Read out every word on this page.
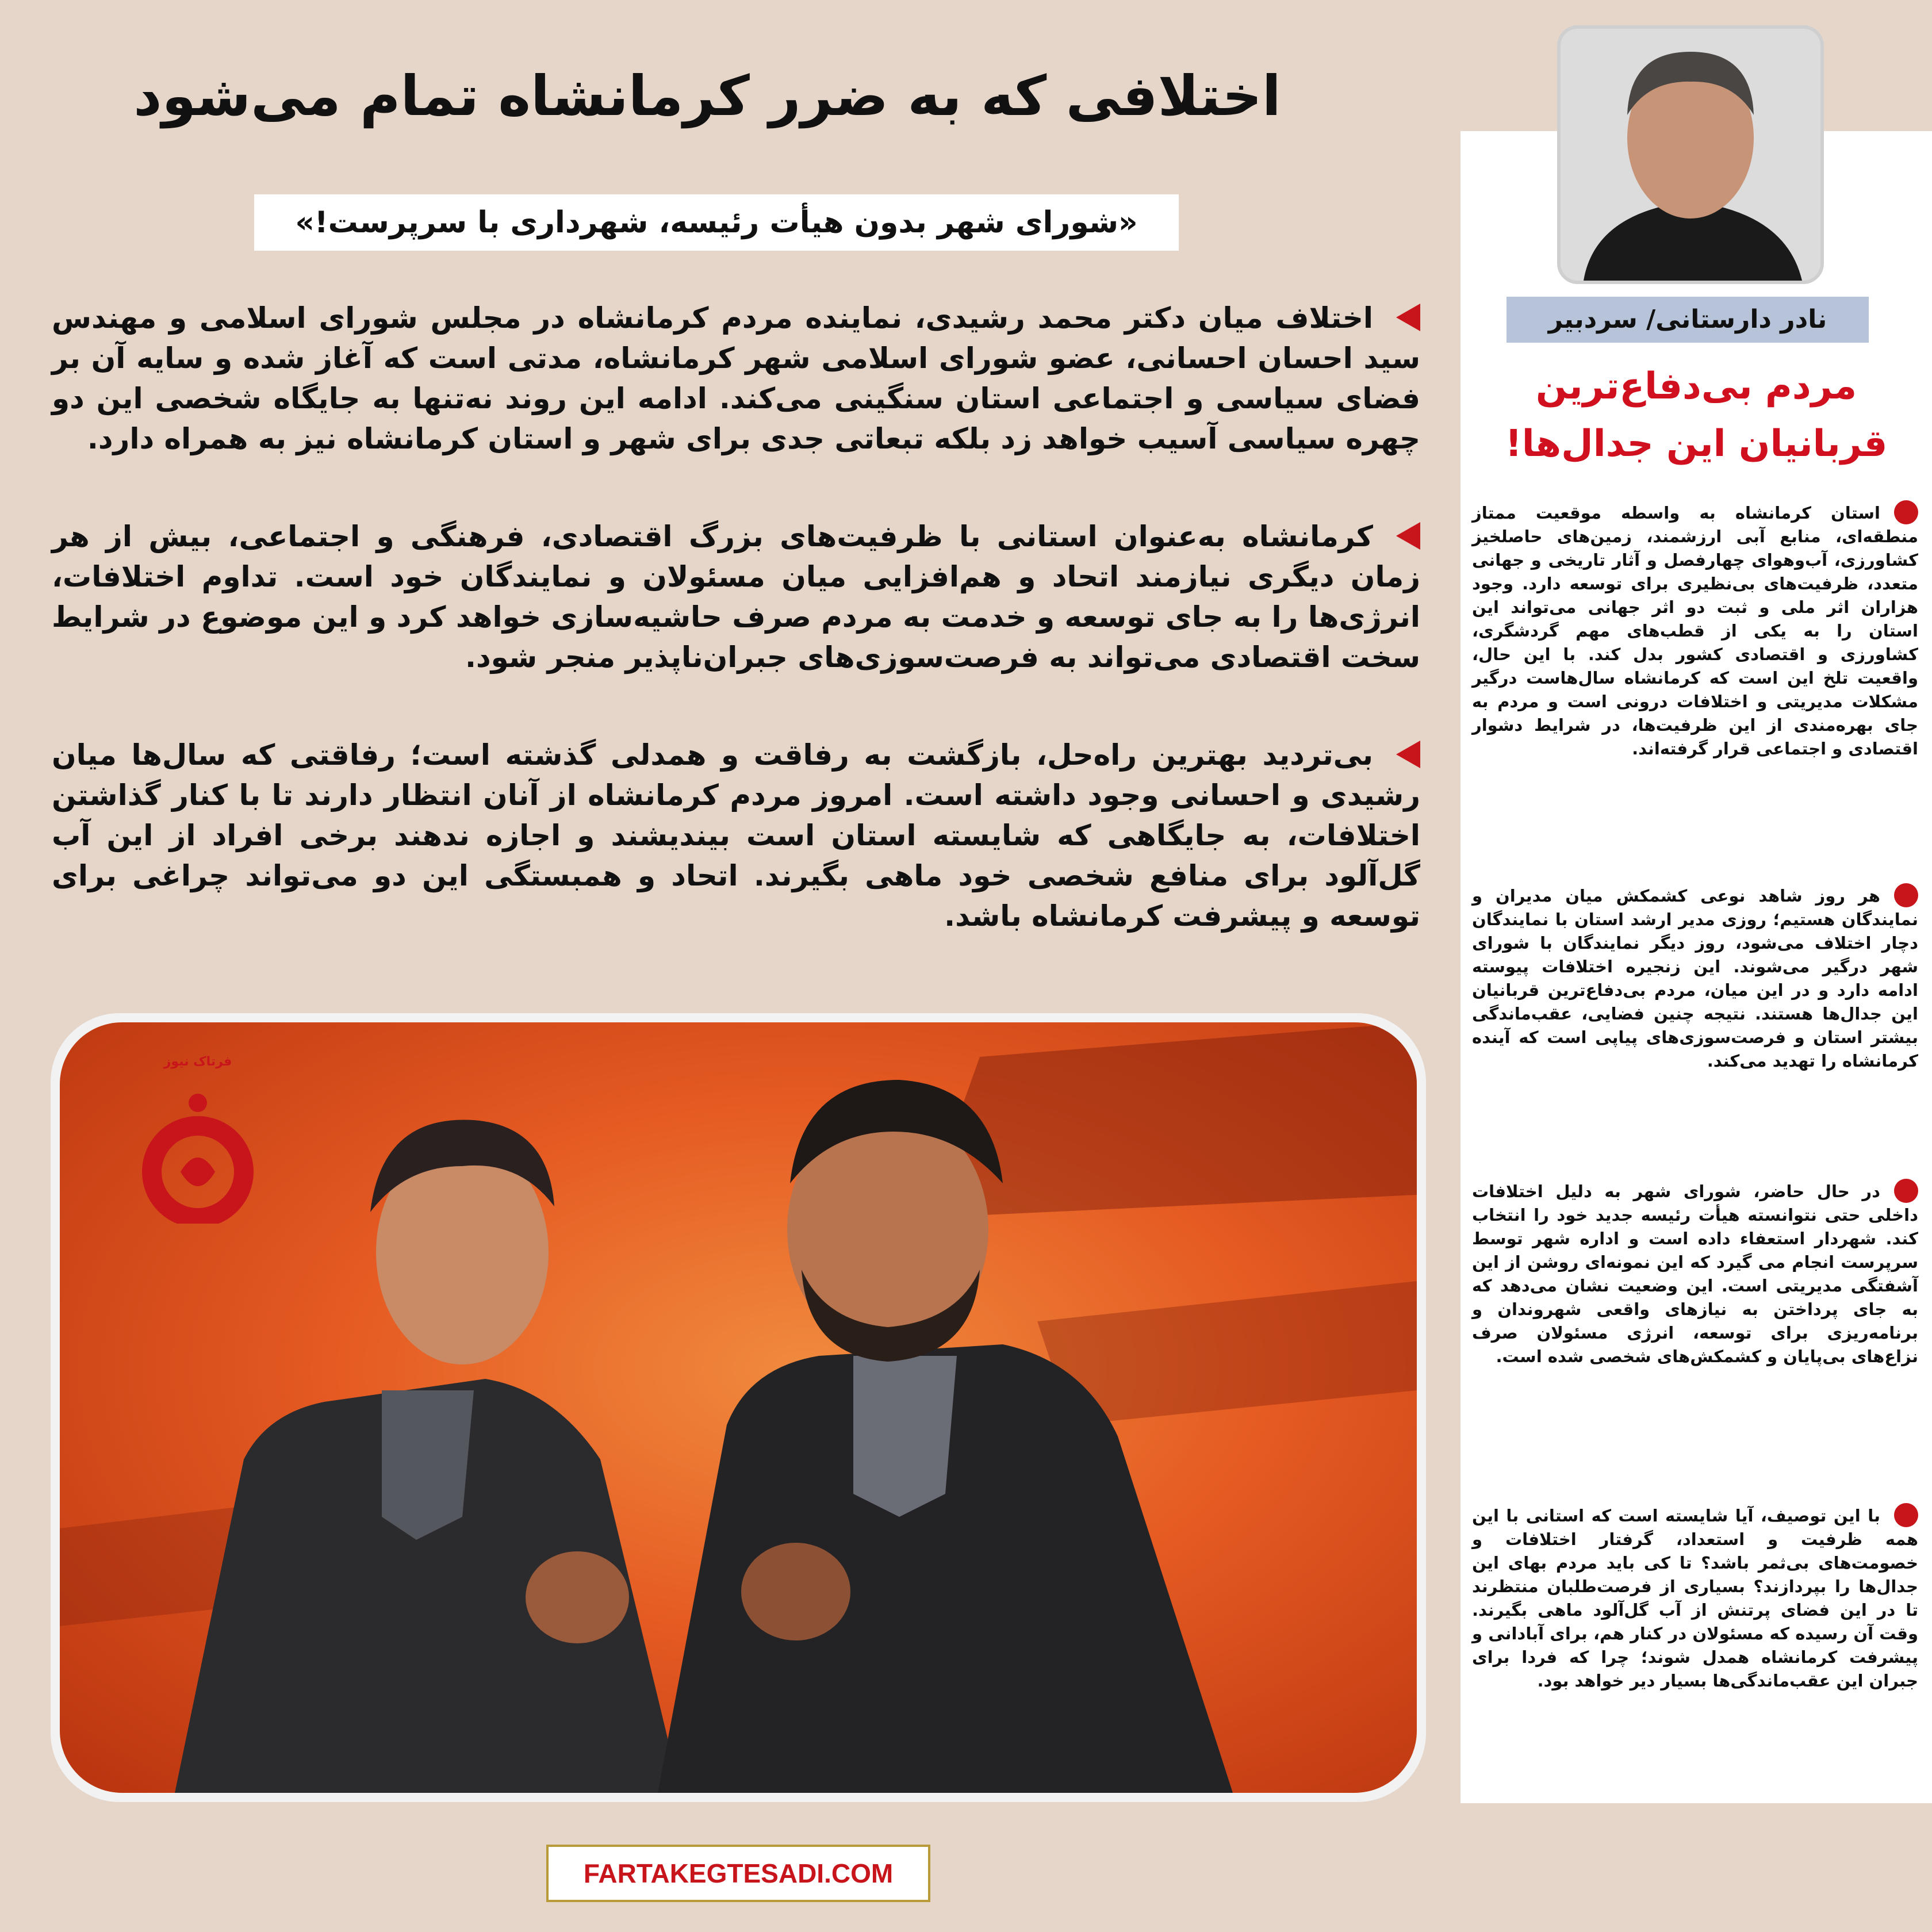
اختلافی که به ضرر کرمانشاه تمام می‌شود
«شورای شهر بدون هیأت رئیسه، شهرداری با سرپرست!»

اختلاف میان دکتر محمد رشیدی، نماینده مردم کرمانشاه در مجلس شورای اسلامی و مهندس سید احسان احسانی، عضو شورای اسلامی شهر کرمانشاه، مدتی است که آغاز شده و سایه آن بر فضای سیاسی و اجتماعی استان سنگینی می‌کند. ادامه این روند نه‌تنها به جایگاه شخصی این دو چهره سیاسی آسیب خواهد زد بلکه تبعاتی جدی برای شهر و استان کرمانشاه نیز به همراه دارد.

کرمانشاه به‌عنوان استانی با ظرفیت‌های بزرگ اقتصادی، فرهنگی و اجتماعی، بیش از هر زمان دیگری نیازمند اتحاد و هم‌افزایی میان مسئولان و نمایندگان خود است. تداوم اختلافات، انرژی‌ها را به جای توسعه و خدمت به مردم صرف حاشیه‌سازی خواهد کرد و این موضوع در شرایط سخت اقتصادی می‌تواند به فرصت‌سوزی‌های جبران‌ناپذیر منجر شود.

بی‌تردید بهترین راه‌حل، بازگشت به رفاقت و همدلی گذشته است؛ رفاقتی که سال‌ها میان رشیدی و احسانی وجود داشته است. امروز مردم کرمانشاه از آنان انتظار دارند تا با کنار گذاشتن اختلافات، به جایگاهی که شایسته استان است بیندیشند و اجازه ندهند برخی افراد از این آب گل‌آلود برای منافع شخصی خود ماهی بگیرند. اتحاد و همبستگی این دو می‌تواند چراغی برای توسعه و پیشرفت کرمانشاه باشد.

فرتاک نیوز
FARTAKEGTESADI.COM
نادر دارستانی/ سردبیر
مردم بی‌دفاع‌ترین قربانیان این جدال‌ها!

استان کرمانشاه به واسطه موقعیت ممتاز منطقه‌ای، منابع آبی ارزشمند، زمین‌های حاصلخیز کشاورزی، آب‌وهوای چهارفصل و آثار تاریخی و جهانی متعدد، ظرفیت‌های بی‌نظیری برای توسعه دارد. وجود هزاران اثر ملی و ثبت دو اثر جهانی می‌تواند این استان را به یکی از قطب‌های مهم گردشگری، کشاورزی و اقتصادی کشور بدل کند. با این حال، واقعیت تلخ این است که کرمانشاه سال‌هاست درگیر مشکلات مدیریتی و اختلافات درونی است و مردم به جای بهره‌مندی از این ظرفیت‌ها، در شرایط دشوار اقتصادی و اجتماعی قرار گرفته‌اند.

هر روز شاهد نوعی کشمکش میان مدیران و نمایندگان هستیم؛ روزی مدیر ارشد استان با نمایندگان دچار اختلاف می‌شود، روز دیگر نمایندگان با شورای شهر درگیر می‌شوند. این زنجیره اختلافات پیوسته ادامه دارد و در این میان، مردم بی‌دفاع‌ترین قربانیان این جدال‌ها هستند. نتیجه چنین فضایی، عقب‌ماندگی بیشتر استان و فرصت‌سوزی‌های پیاپی است که آینده کرمانشاه را تهدید می‌کند.

در حال حاضر، شورای شهر به دلیل اختلافات داخلی حتی نتوانسته هیأت رئیسه جدید خود را انتخاب کند. شهردار استعفاء داده است و اداره شهر توسط سرپرست انجام می گیرد که این نمونه‌ای روشن از این آشفتگی مدیریتی است. این وضعیت نشان می‌دهد که به جای پرداختن به نیازهای واقعی شهروندان و برنامه‌ریزی برای توسعه، انرژی مسئولان صرف نزاع‌های بی‌پایان و کشمکش‌های شخصی شده است.

با این توصیف، آیا شایسته است که استانی با این همه ظرفیت و استعداد، گرفتار اختلافات و خصومت‌های بی‌ثمر باشد؟ تا کی باید مردم بهای این جدال‌ها را بپردازند؟ بسیاری از فرصت‌طلبان منتظرند تا در این فضای پرتنش از آب گل‌آلود ماهی بگیرند. وقت آن رسیده که مسئولان در کنار هم، برای آبادانی و پیشرفت کرمانشاه همدل شوند؛ چرا که فردا برای جبران این عقب‌ماندگی‌ها بسیار دیر خواهد بود.
